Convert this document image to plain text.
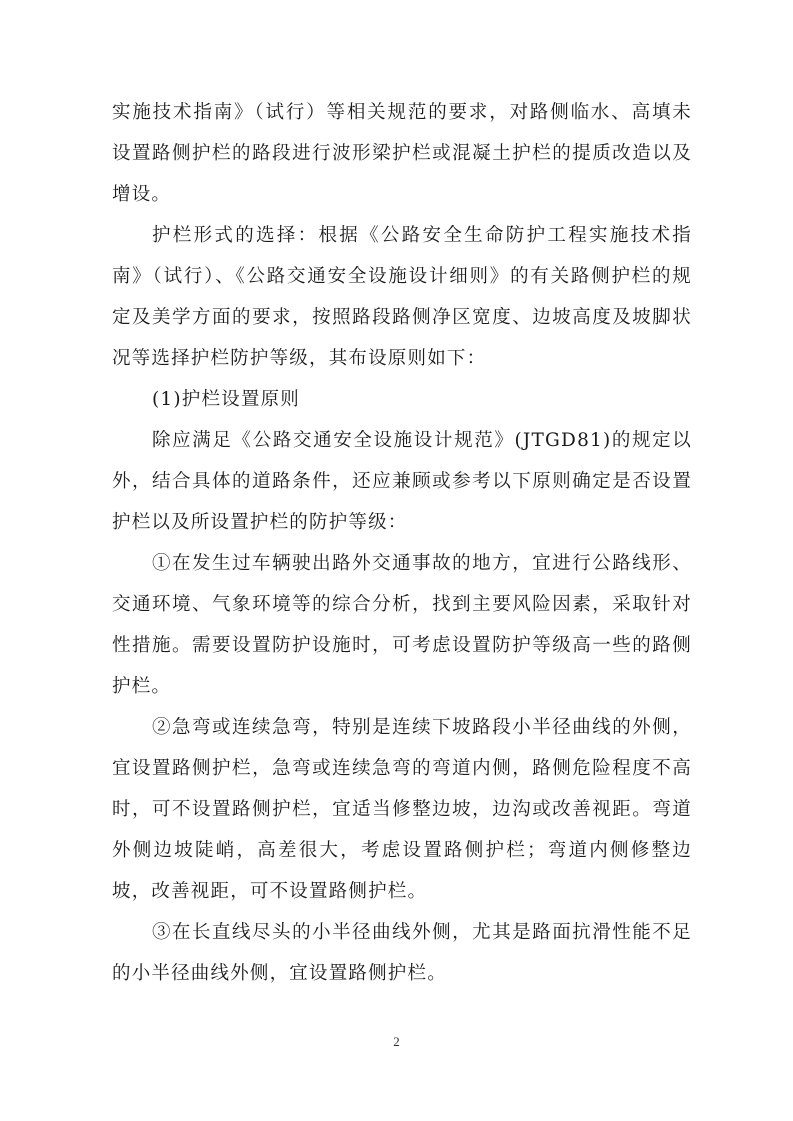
实施技术指南》（试行）等相关规范的要求，对路侧临水、高填未设置路侧护栏的路段进行波形梁护栏或混凝土护栏的提质改造以及增设。

护栏形式的选择：根据《公路安全生命防护工程实施技术指南》（试行）、《公路交通安全设施设计细则》的有关路侧护栏的规定及美学方面的要求，按照路段路侧净区宽度、边坡高度及坡脚状况等选择护栏防护等级，其布设原则如下：

(1)护栏设置原则

除应满足《公路交通安全设施设计规范》(JTGD81)的规定以外，结合具体的道路条件，还应兼顾或参考以下原则确定是否设置护栏以及所设置护栏的防护等级：

①在发生过车辆驶出路外交通事故的地方，宜进行公路线形、交通环境、气象环境等的综合分析，找到主要风险因素，采取针对性措施。需要设置防护设施时，可考虑设置防护等级高一些的路侧护栏。

②急弯或连续急弯，特别是连续下坡路段小半径曲线的外侧，宜设置路侧护栏，急弯或连续急弯的弯道内侧，路侧危险程度不高时，可不设置路侧护栏，宜适当修整边坡，边沟或改善视距。弯道外侧边坡陡峭，高差很大，考虑设置路侧护栏；弯道内侧修整边坡，改善视距，可不设置路侧护栏。

③在长直线尽头的小半径曲线外侧，尤其是路面抗滑性能不足的小半径曲线外侧，宜设置路侧护栏。

2
